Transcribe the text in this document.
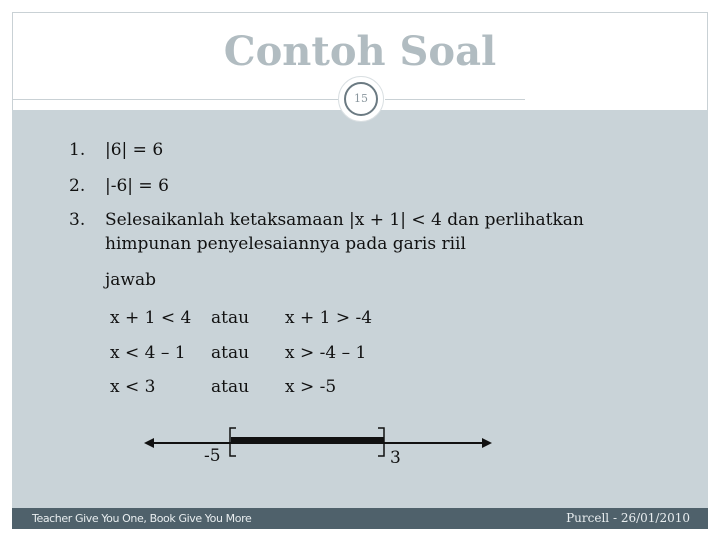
Contoh Soal
15
1. |6| = 6
2. |-6| = 6
3. Selesaikanlah ketaksamaan |x + 1| < 4 dan perlihatkan
himpunan penyelesaiannya pada garis riil
jawab
x + 1 < 4 atau x + 1 > -4
x < 4 – 1 atau x > -4 – 1
x < 3	atau x > -5
-5	3
Teacher Give You One, Book Give You More	Purcell - 26/01/2010
